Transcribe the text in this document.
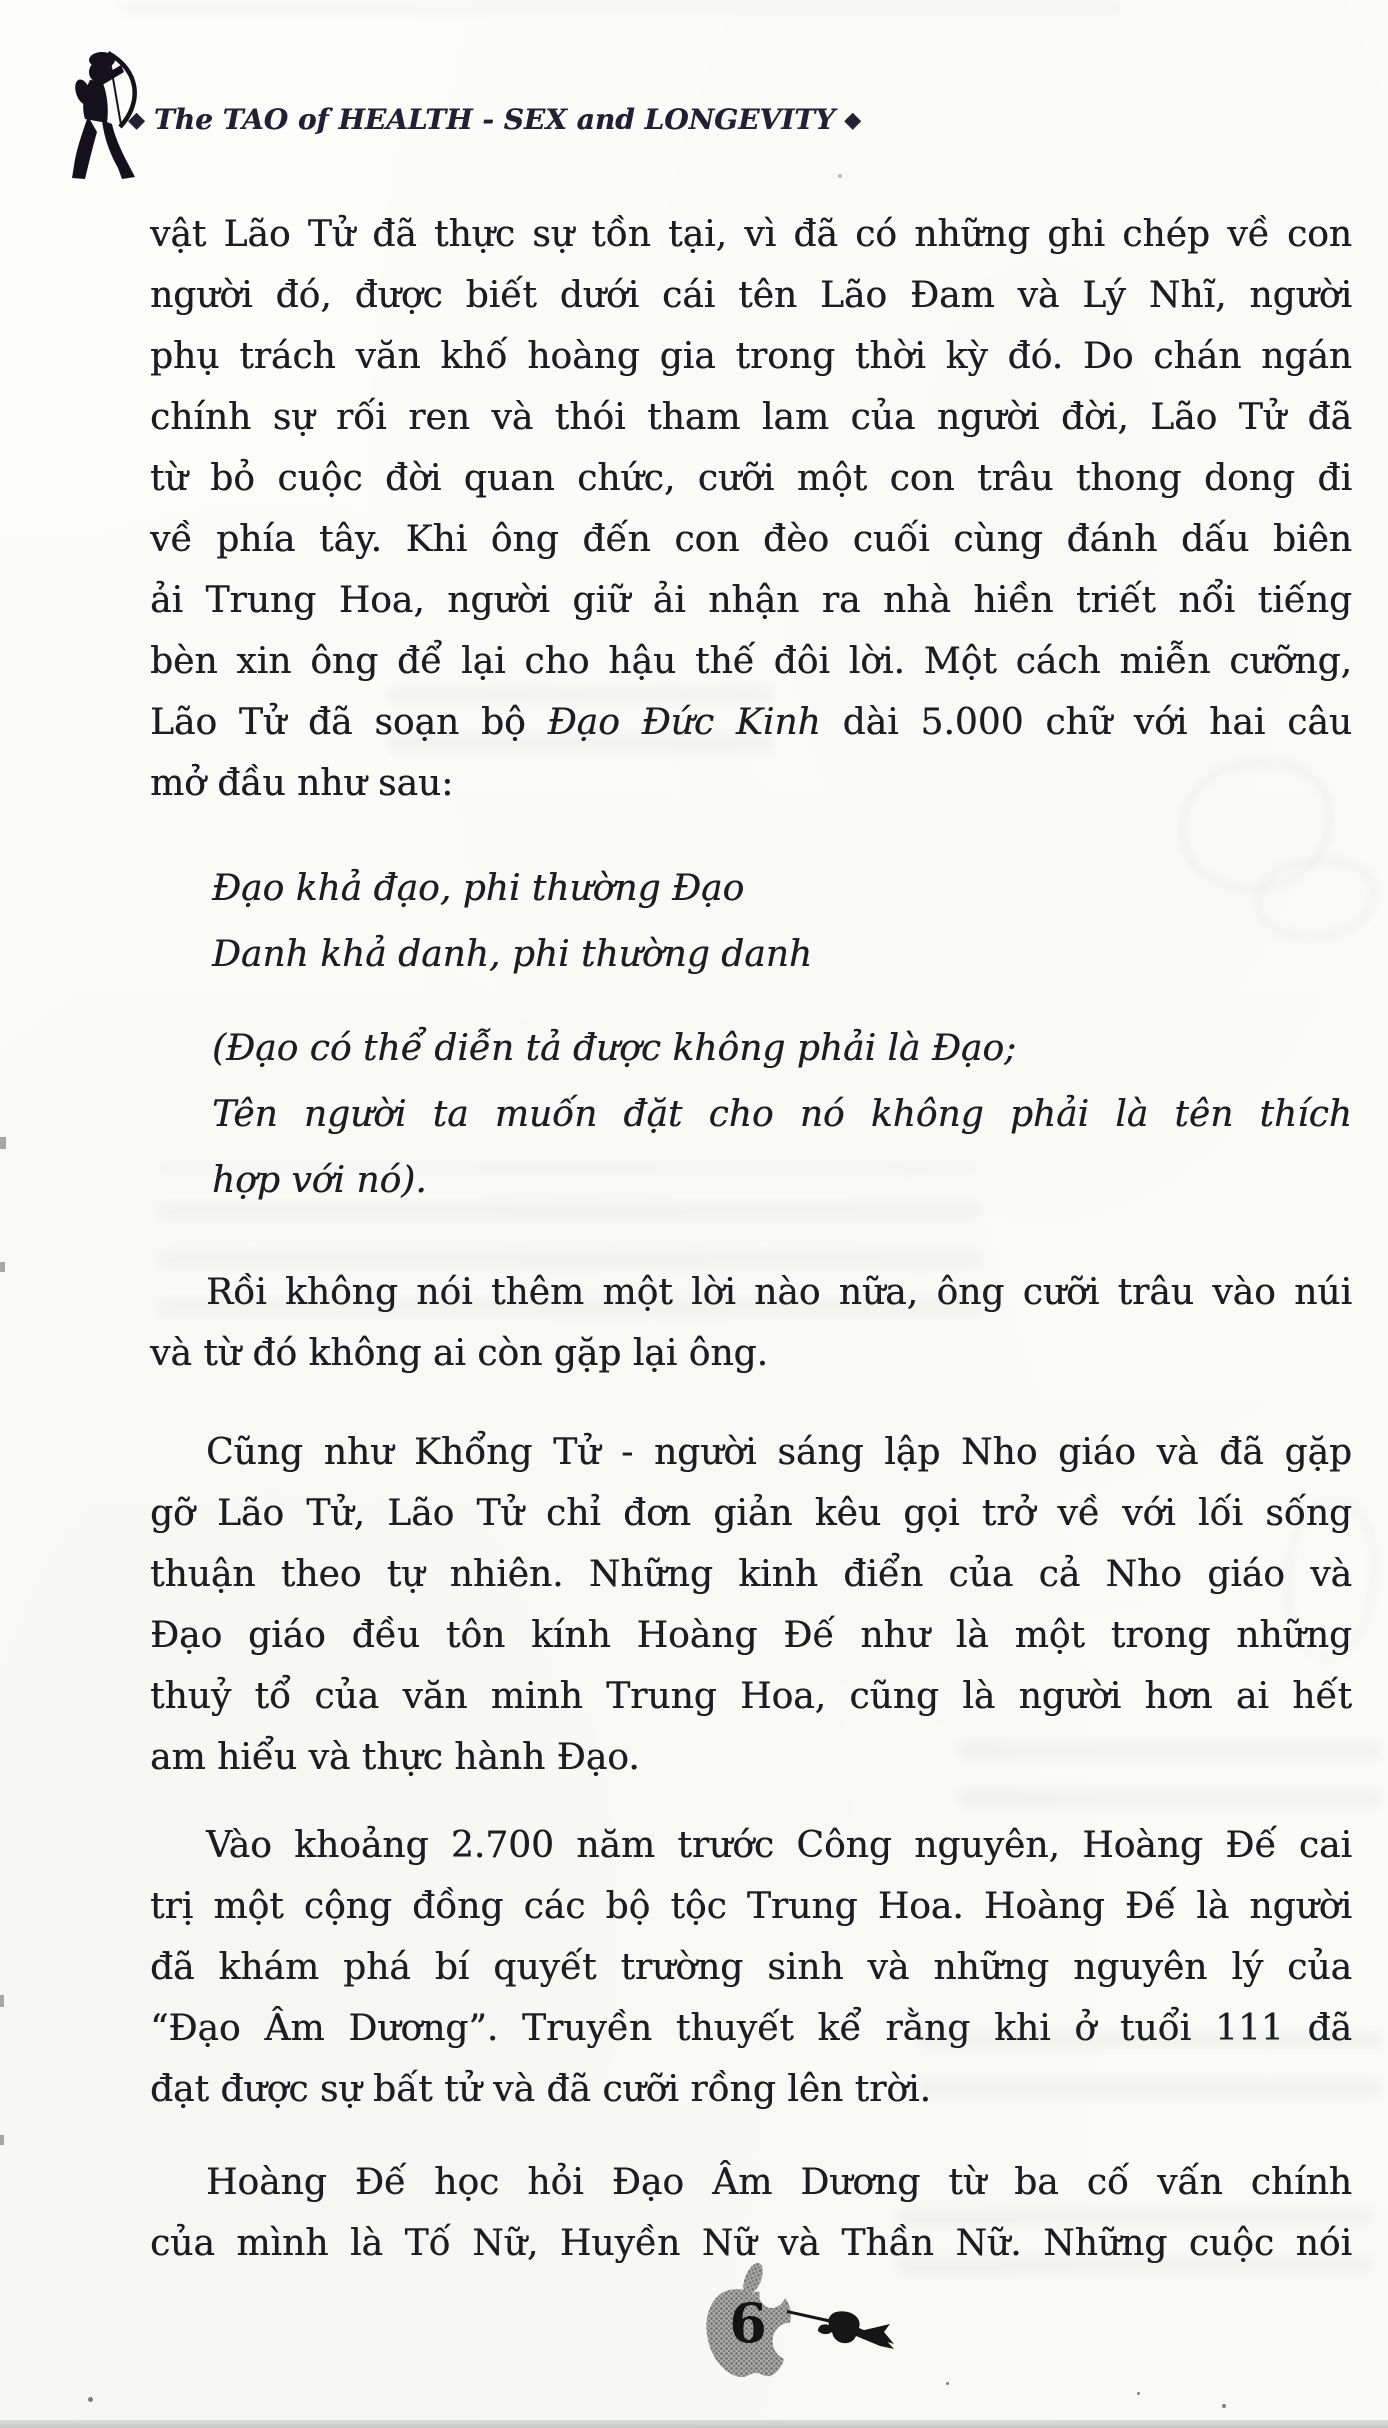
◆ The TAO of HEALTH - SEX and LONGEVITY ◆
vật Lão Tử đã thực sự tồn tại, vì đã có những ghi chép về con
người đó, được biết dưới cái tên Lão Đam và Lý Nhĩ, người
phụ trách văn khố hoàng gia trong thời kỳ đó. Do chán ngán
chính sự rối ren và thói tham lam của người đời, Lão Tử đã
từ bỏ cuộc đời quan chức, cưỡi một con trâu thong dong đi
về phía tây. Khi ông đến con đèo cuối cùng đánh dấu biên
ải Trung Hoa, người giữ ải nhận ra nhà hiền triết nổi tiếng
bèn xin ông để lại cho hậu thế đôi lời. Một cách miễn cưỡng,
Lão Tử đã soạn bộ Đạo Đức Kinh dài 5.000 chữ với hai câu
mở đầu như sau:
Đạo khả đạo, phi thường Đạo
Danh khả danh, phi thường danh
(Đạo có thể diễn tả được không phải là Đạo;
Tên người ta muốn đặt cho nó không phải là tên thích
hợp với nó).
Rồi không nói thêm một lời nào nữa, ông cưỡi trâu vào núi
và từ đó không ai còn gặp lại ông.
Cũng như Khổng Tử - người sáng lập Nho giáo và đã gặp
gỡ Lão Tử, Lão Tử chỉ đơn giản kêu gọi trở về với lối sống
thuận theo tự nhiên. Những kinh điển của cả Nho giáo và
Đạo giáo đều tôn kính Hoàng Đế như là một trong những
thuỷ tổ của văn minh Trung Hoa, cũng là người hơn ai hết
am hiểu và thực hành Đạo.
Vào khoảng 2.700 năm trước Công nguyên, Hoàng Đế cai
trị một cộng đồng các bộ tộc Trung Hoa. Hoàng Đế là người
đã khám phá bí quyết trường sinh và những nguyên lý của
“Đạo Âm Dương”. Truyền thuyết kể rằng khi ở tuổi 111 đã
đạt được sự bất tử và đã cưỡi rồng lên trời.
Hoàng Đế học hỏi Đạo Âm Dương từ ba cố vấn chính
của mình là Tố Nữ, Huyền Nữ và Thần Nữ. Những cuộc nói
6
